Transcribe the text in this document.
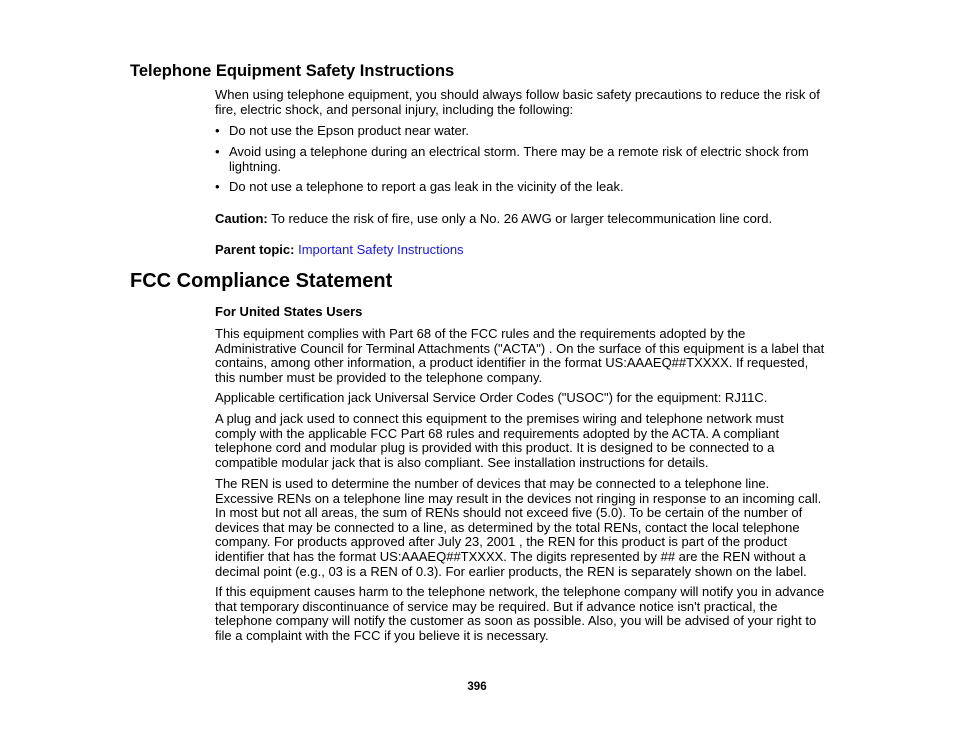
Telephone Equipment Safety Instructions

When using telephone equipment, you should always follow basic safety precautions to reduce the risk of fire, electric shock, and personal injury, including the following:

• Do not use the Epson product near water.

• Avoid using a telephone during an electrical storm. There may be a remote risk of electric shock from lightning.

• Do not use a telephone to report a gas leak in the vicinity of the leak.

Caution: To reduce the risk of fire, use only a No. 26 AWG or larger telecommunication line cord.

Parent topic: Important Safety Instructions

FCC Compliance Statement

For United States Users

This equipment complies with Part 68 of the FCC rules and the requirements adopted by the Administrative Council for Terminal Attachments ("ACTA") . On the surface of this equipment is a label that contains, among other information, a product identifier in the format US:AAAEQ##TXXXX. If requested, this number must be provided to the telephone company.

Applicable certification jack Universal Service Order Codes ("USOC") for the equipment: RJ11C.

A plug and jack used to connect this equipment to the premises wiring and telephone network must comply with the applicable FCC Part 68 rules and requirements adopted by the ACTA. A compliant telephone cord and modular plug is provided with this product. It is designed to be connected to a compatible modular jack that is also compliant. See installation instructions for details.

The REN is used to determine the number of devices that may be connected to a telephone line. Excessive RENs on a telephone line may result in the devices not ringing in response to an incoming call. In most but not all areas, the sum of RENs should not exceed five (5.0). To be certain of the number of devices that may be connected to a line, as determined by the total RENs, contact the local telephone company. For products approved after July 23, 2001 , the REN for this product is part of the product identifier that has the format US:AAAEQ##TXXXX. The digits represented by ## are the REN without a decimal point (e.g., 03 is a REN of 0.3). For earlier products, the REN is separately shown on the label.

If this equipment causes harm to the telephone network, the telephone company will notify you in advance that temporary discontinuance of service may be required. But if advance notice isn't practical, the telephone company will notify the customer as soon as possible. Also, you will be advised of your right to file a complaint with the FCC if you believe it is necessary.

396
